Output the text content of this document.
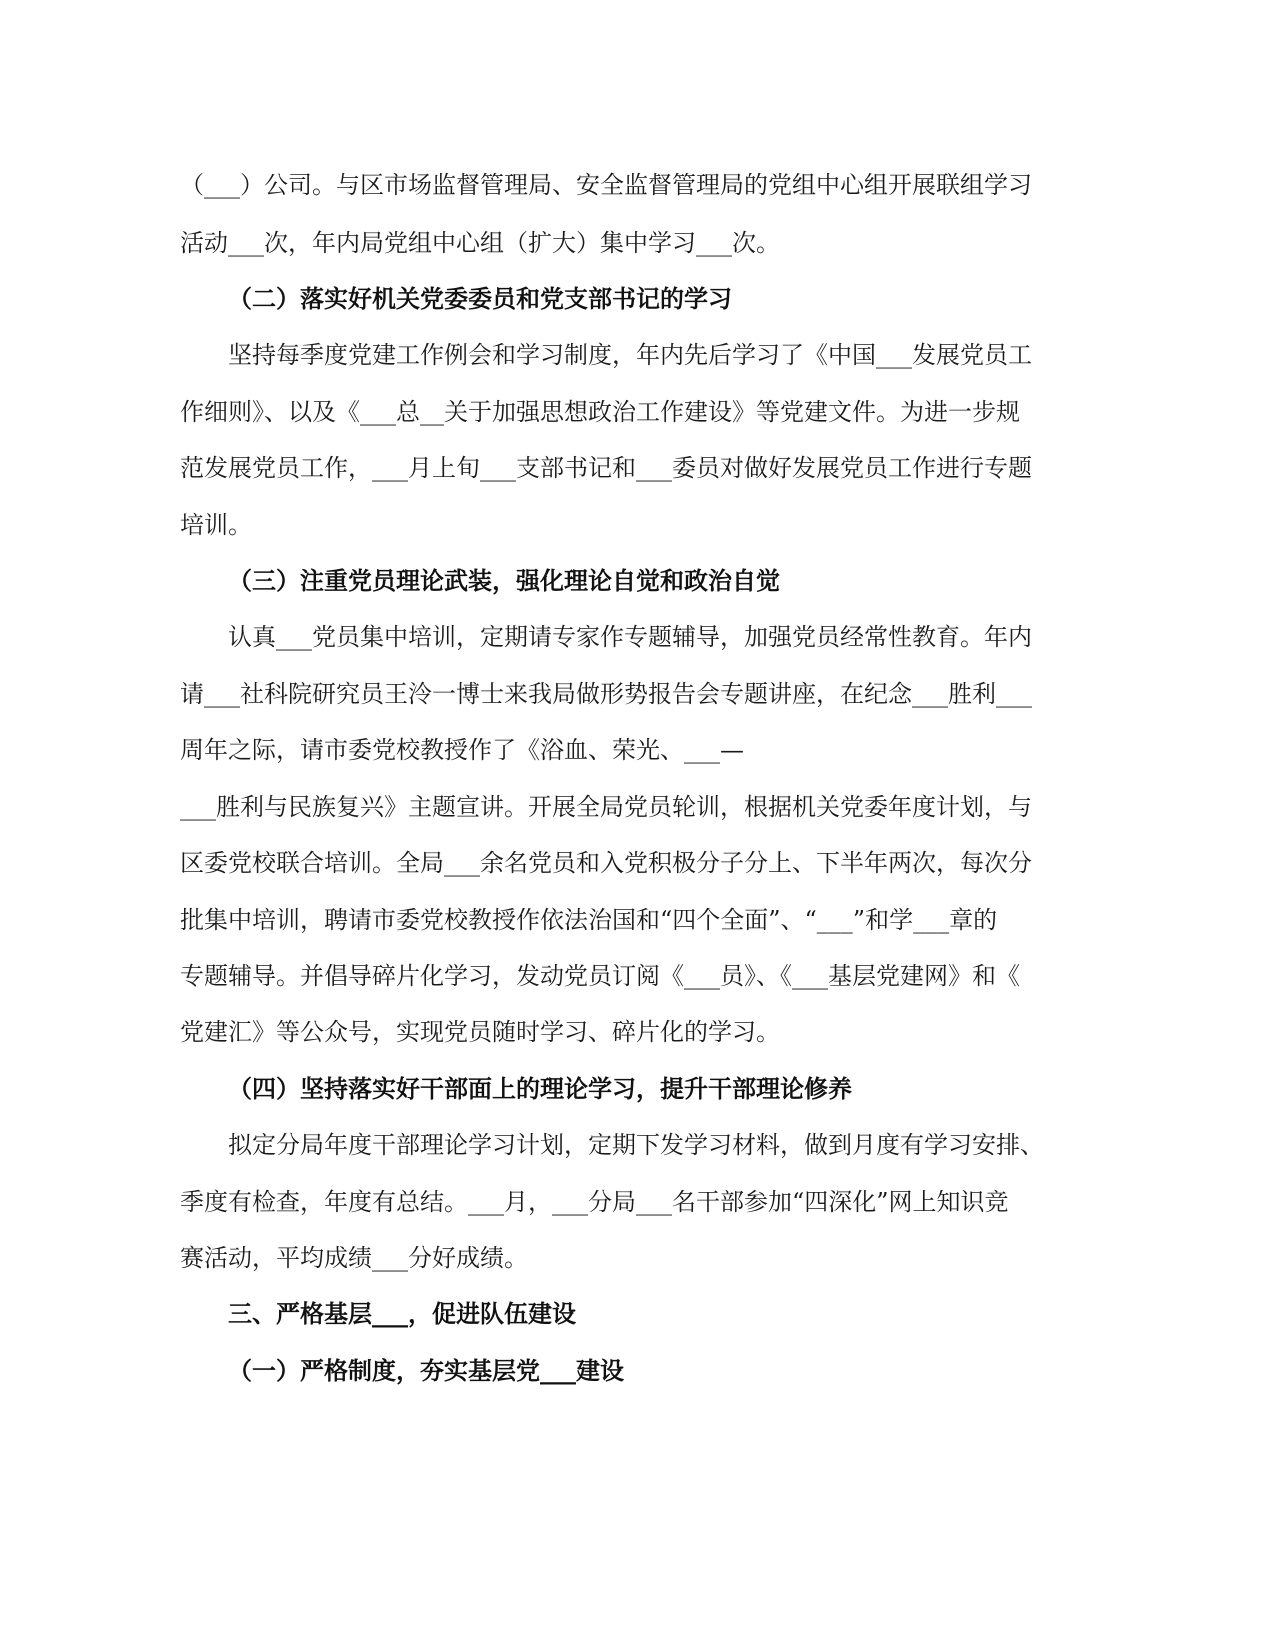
（___）公司。与区市场监督管理局、安全监督管理局的党组中心组开展联组学习

活动___次，年内局党组中心组（扩大）集中学习___次。

（二）落实好机关党委委员和党支部书记的学习

坚持每季度党建工作例会和学习制度，年内先后学习了《中国___发展党员工

作细则》、以及《___总__关于加强思想政治工作建设》等党建文件。为进一步规

范发展党员工作，___月上旬___支部书记和___委员对做好发展党员工作进行专题

培训。

（三）注重党员理论武装，强化理论自觉和政治自觉

认真___党员集中培训，定期请专家作专题辅导，加强党员经常性教育。年内

请___社科院研究员王泠一博士来我局做形势报告会专题讲座，在纪念___胜利___

周年之际，请市委党校教授作了《浴血、荣光、___—

___胜利与民族复兴》主题宣讲。开展全局党员轮训，根据机关党委年度计划，与

区委党校联合培训。全局___余名党员和入党积极分子分上、下半年两次，每次分

批集中培训，聘请市委党校教授作依法治国和“四个全面”、“___”和学___章的

专题辅导。并倡导碎片化学习，发动党员订阅《___员》、《___基层党建网》和《

党建汇》等公众号，实现党员随时学习、碎片化的学习。

（四）坚持落实好干部面上的理论学习，提升干部理论修养

拟定分局年度干部理论学习计划，定期下发学习材料，做到月度有学习安排、

季度有检查，年度有总结。___月，___分局___名干部参加“四深化”网上知识竞

赛活动，平均成绩___分好成绩。

三、严格基层___，促进队伍建设

（一）严格制度，夯实基层党___建设
